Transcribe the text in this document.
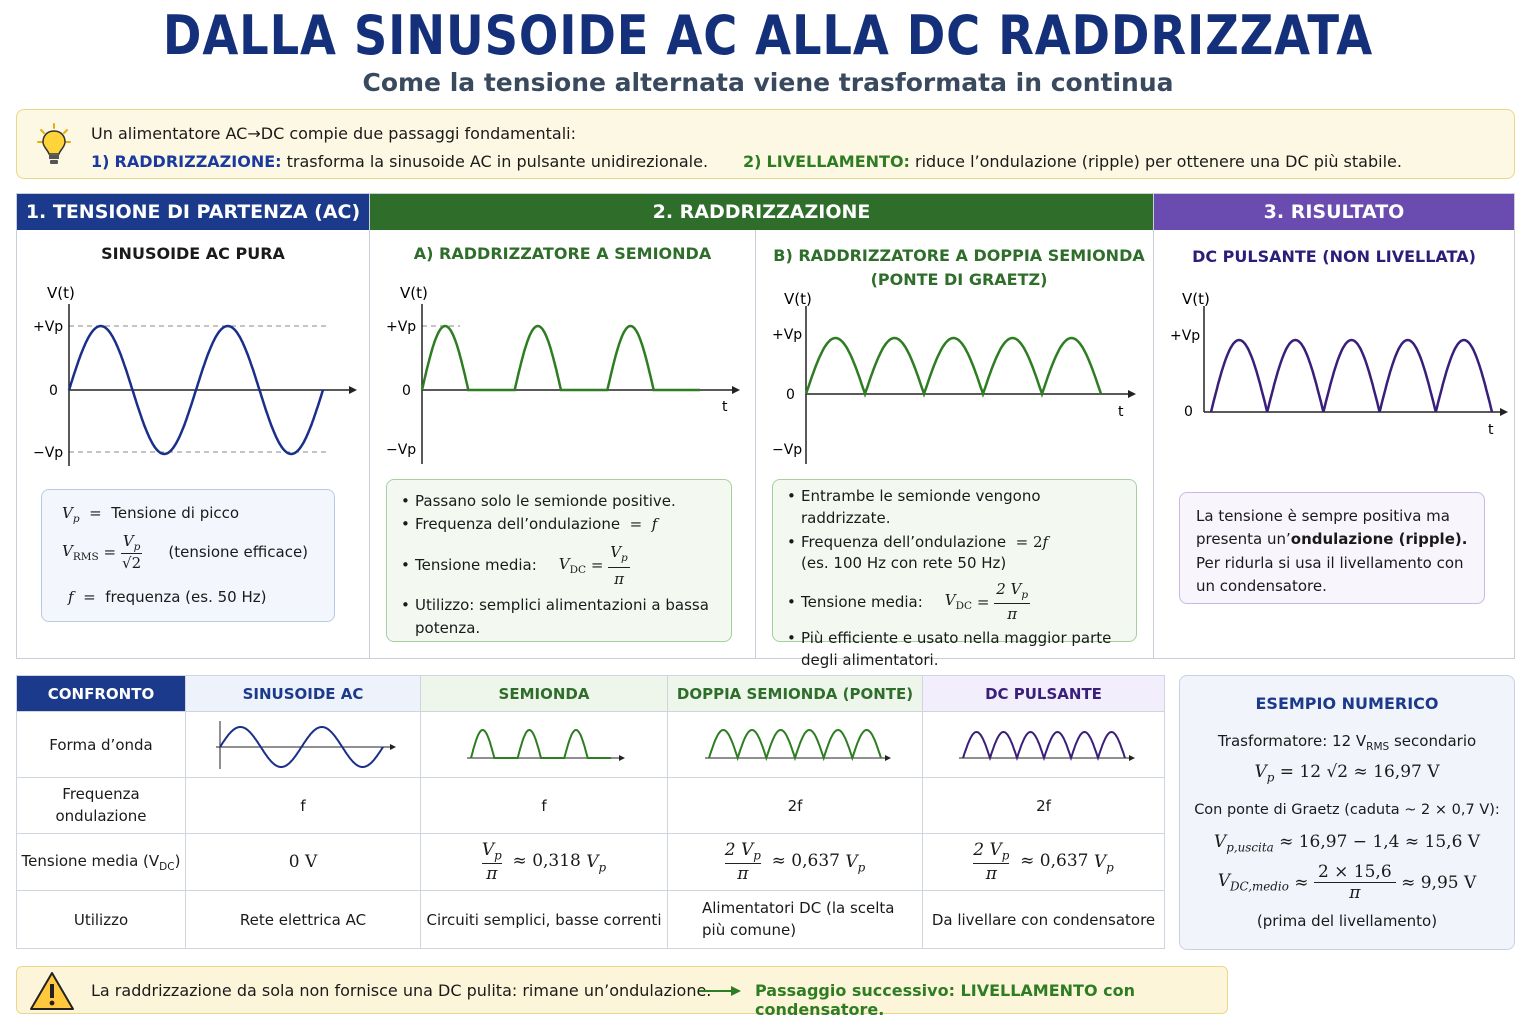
DALLA SINUSOIDE AC ALLA DC RADDRIZZATA
Come la tensione alternata viene trasformata in continua
Un alimentatore AC→DC compie due passaggi fondamentali:
1) RADDRIZZAZIONE: trasforma la sinusoide AC in pulsante unidirezionale. 2) LIVELLAMENTO: riduce l’ondulazione (ripple) per ottenere una DC più stabile.
1. TENSIONE DI PARTENZA (AC)
SINUSOIDE AC PURA
V(t)
+Vp
0
−Vp
$V_p$  =  Tensione di picco
$V_{RMS} = \frac{V_p}{√2}$ (tensione efficace)
f  =  frequenza (es. 50 Hz)
2. RADDRIZZAZIONE
A) RADDRIZZATORE A SEMIONDA
V(t)
+Vp
0
−Vp
t
• Passano solo le semionde positive.
• Frequenza dell’ondulazione  =  f
• Tensione media: $V_{DC} = \frac{V_p}{\pi}$
• Utilizzo: semplici alimentazioni a bassa potenza.
B) RADDRIZZATORE A DOPPIA SEMIONDA (PONTE DI GRAETZ)
V(t)
+Vp
0
−Vp
t
• Entrambe le semionde vengono raddrizzate.
• Frequenza dell’ondulazione  = 2f
(es. 100 Hz con rete 50 Hz)
• Tensione media: $V_{DC} = \frac{2 V_p}{\pi}$
• Più efficiente e usato nella maggior parte degli alimentatori.
3. RISULTATO
DC PULSANTE (NON LIVELLATA)
V(t)
+Vp
0
t
La tensione è sempre positiva ma presenta un’ondulazione (ripple). Per ridurla si usa il livellamento con un condensatore.
CONFRONTO	SINUSOIDE AC	SEMIONDA	DOPPIA SEMIONDA (PONTE)	DC PULSANTE
Forma d’onda				
Frequenza ondulazione	f	f	2f	2f
Tensione media $(V_{DC})$	0 V	$\frac{V_p}{\pi} \approx 0,318$ $V_p$	$\frac{2 V_p}{\pi} \approx 0,637$ $V_p$	$\frac{2 V_p}{\pi} \approx 0,637$ $V_p$
Utilizzo	Rete elettrica AC	Circuiti semplici, basse correnti	Alimentatori DC (la scelta più comune)	Da livellare con condensatore
ESEMPIO NUMERICO
Trasformatore: 12 $V_{RMS}$ secondario
$V_p = 12$ √2 ≈ 16,97 V
Con ponte di Graetz (caduta ~ 2 × 0,7 V):
$V_{p,uscita} \approx 16,97 - 1,4 \approx 15,6$ V
$V_{DC,medio}$ ≈
2 × 15,6
π
≈ 9,95 V
(prima del livellamento)
La raddrizzazione da sola non fornisce una DC pulita: rimane un’ondulazione.	Passaggio successivo: LIVELLAMENTO con condensatore.
